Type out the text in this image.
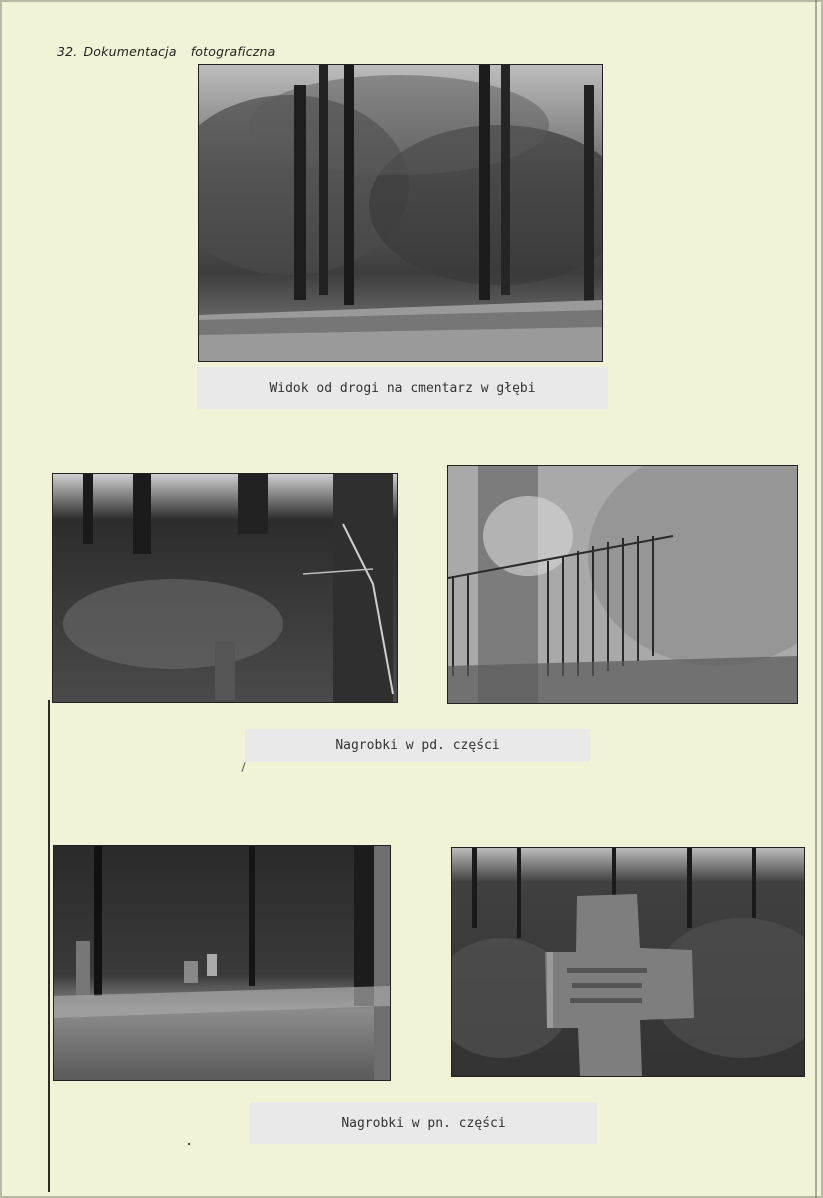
32. Dokumentacja fotograficzna
Widok od drogi na cmentarz w głębi
Nagrobki w pd. części
Nagrobki w pn. części
